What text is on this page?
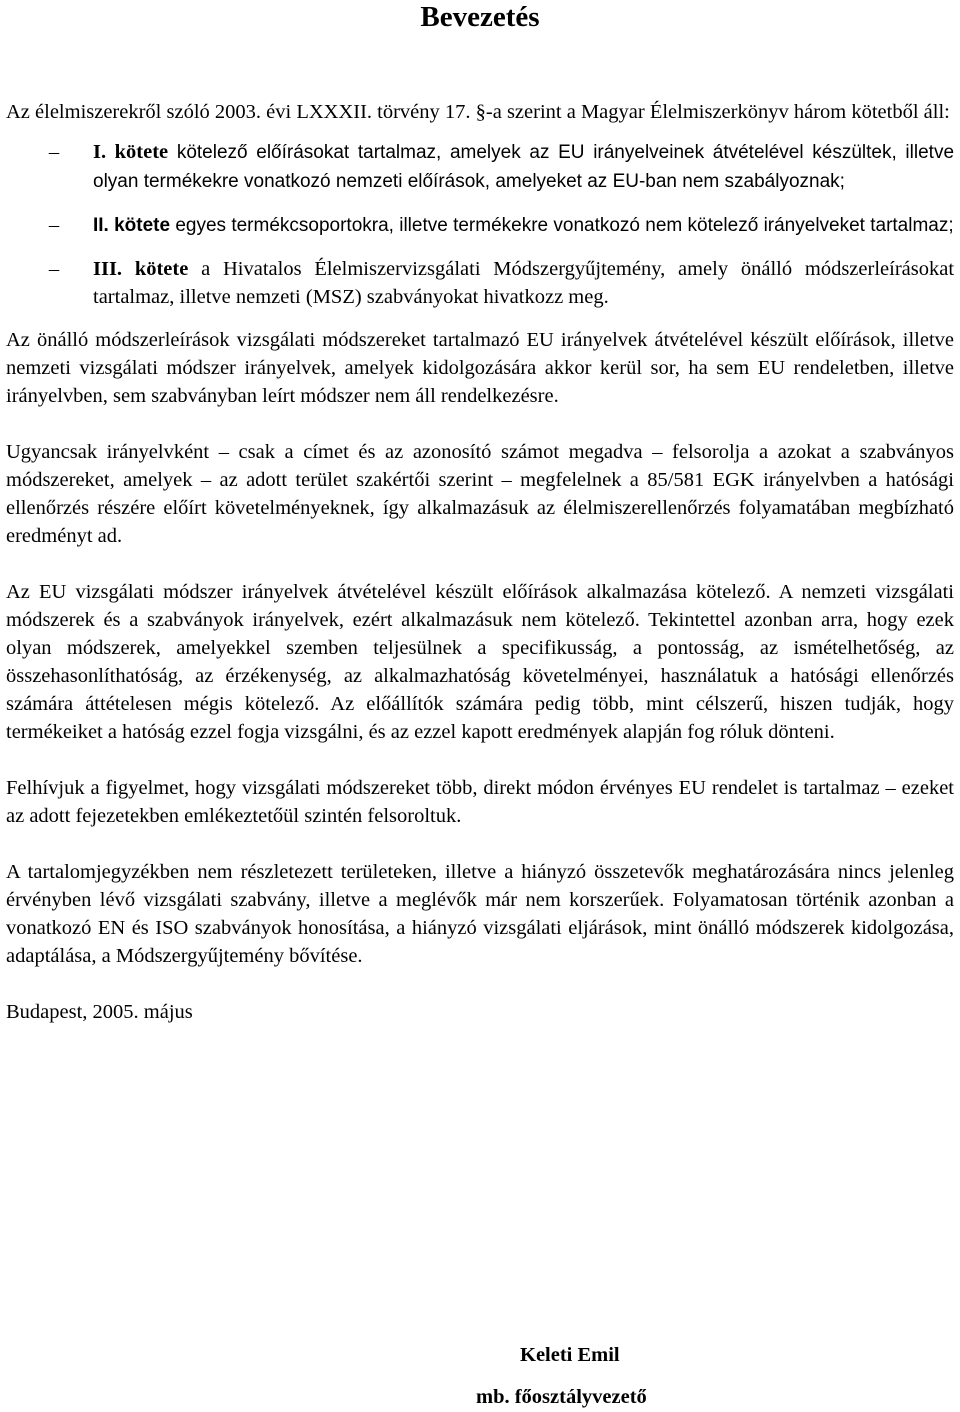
Bevezetés

Az élelmiszerekről szóló 2003. évi LXXXII. törvény 17. §-a szerint a Magyar Élelmiszerkönyv három kötetből áll:

–	I. kötete kötelező előírásokat tartalmaz, amelyek az EU irányelveinek átvételével készültek, illetve olyan termékekre vonatkozó nemzeti előírások, amelyeket az EU-ban nem szabályoznak;
–	II. kötete egyes termékcsoportokra, illetve termékekre vonatkozó nem kötelező irányelveket tartalmaz;
–	III. kötete a Hivatalos Élelmiszervizsgálati Módszergyűjtemény, amely önálló módszerleírásokat tartalmaz, illetve nemzeti (MSZ) szabványokat hivatkozz meg.

Az önálló módszerleírások vizsgálati módszereket tartalmazó EU irányelvek átvételével készült előírások, illetve nemzeti vizsgálati módszer irányelvek, amelyek kidolgozására akkor kerül sor, ha sem EU rendeletben, illetve irányelvben, sem szabványban leírt módszer nem áll rendelkezésre.

Ugyancsak irányelvként – csak a címet és az azonosító számot megadva – felsorolja a azokat a szabványos módszereket, amelyek – az adott terület szakértői szerint – megfelelnek a 85/581 EGK irányelvben a hatósági ellenőrzés részére előírt követelményeknek, így alkalmazásuk az élelmiszerellenőrzés folyamatában megbízható eredményt ad.

Az EU vizsgálati módszer irányelvek átvételével készült előírások alkalmazása kötelező. A nemzeti vizsgálati módszerek és a szabványok irányelvek, ezért alkalmazásuk nem kötelező. Tekintettel azonban arra, hogy ezek olyan módszerek, amelyekkel szemben teljesülnek a specifikusság, a pontosság, az ismételhetőség, az összehasonlíthatóság, az érzékenység, az alkalmazhatóság követelményei, használatuk a hatósági ellenőrzés számára áttételesen mégis kötelező. Az előállítók számára pedig több, mint célszerű, hiszen tudják, hogy termékeiket a hatóság ezzel fogja vizsgálni, és az ezzel kapott eredmények alapján fog róluk dönteni.

Felhívjuk a figyelmet, hogy vizsgálati módszereket több, direkt módon érvényes EU rendelet is tartalmaz – ezeket az adott fejezetekben emlékeztetőül szintén felsoroltuk.

A tartalomjegyzékben nem részletezett területeken, illetve a hiányzó összetevők meghatározására nincs jelenleg érvényben lévő vizsgálati szabvány, illetve a meglévők már nem korszerűek. Folyamatosan történik azonban a vonatkozó EN és ISO szabványok honosítása, a hiányzó vizsgálati eljárások, mint önálló módszerek kidolgozása, adaptálása, a Módszergyűjtemény bővítése.

Budapest, 2005. május

Keleti Emil
mb. főosztályvezető
